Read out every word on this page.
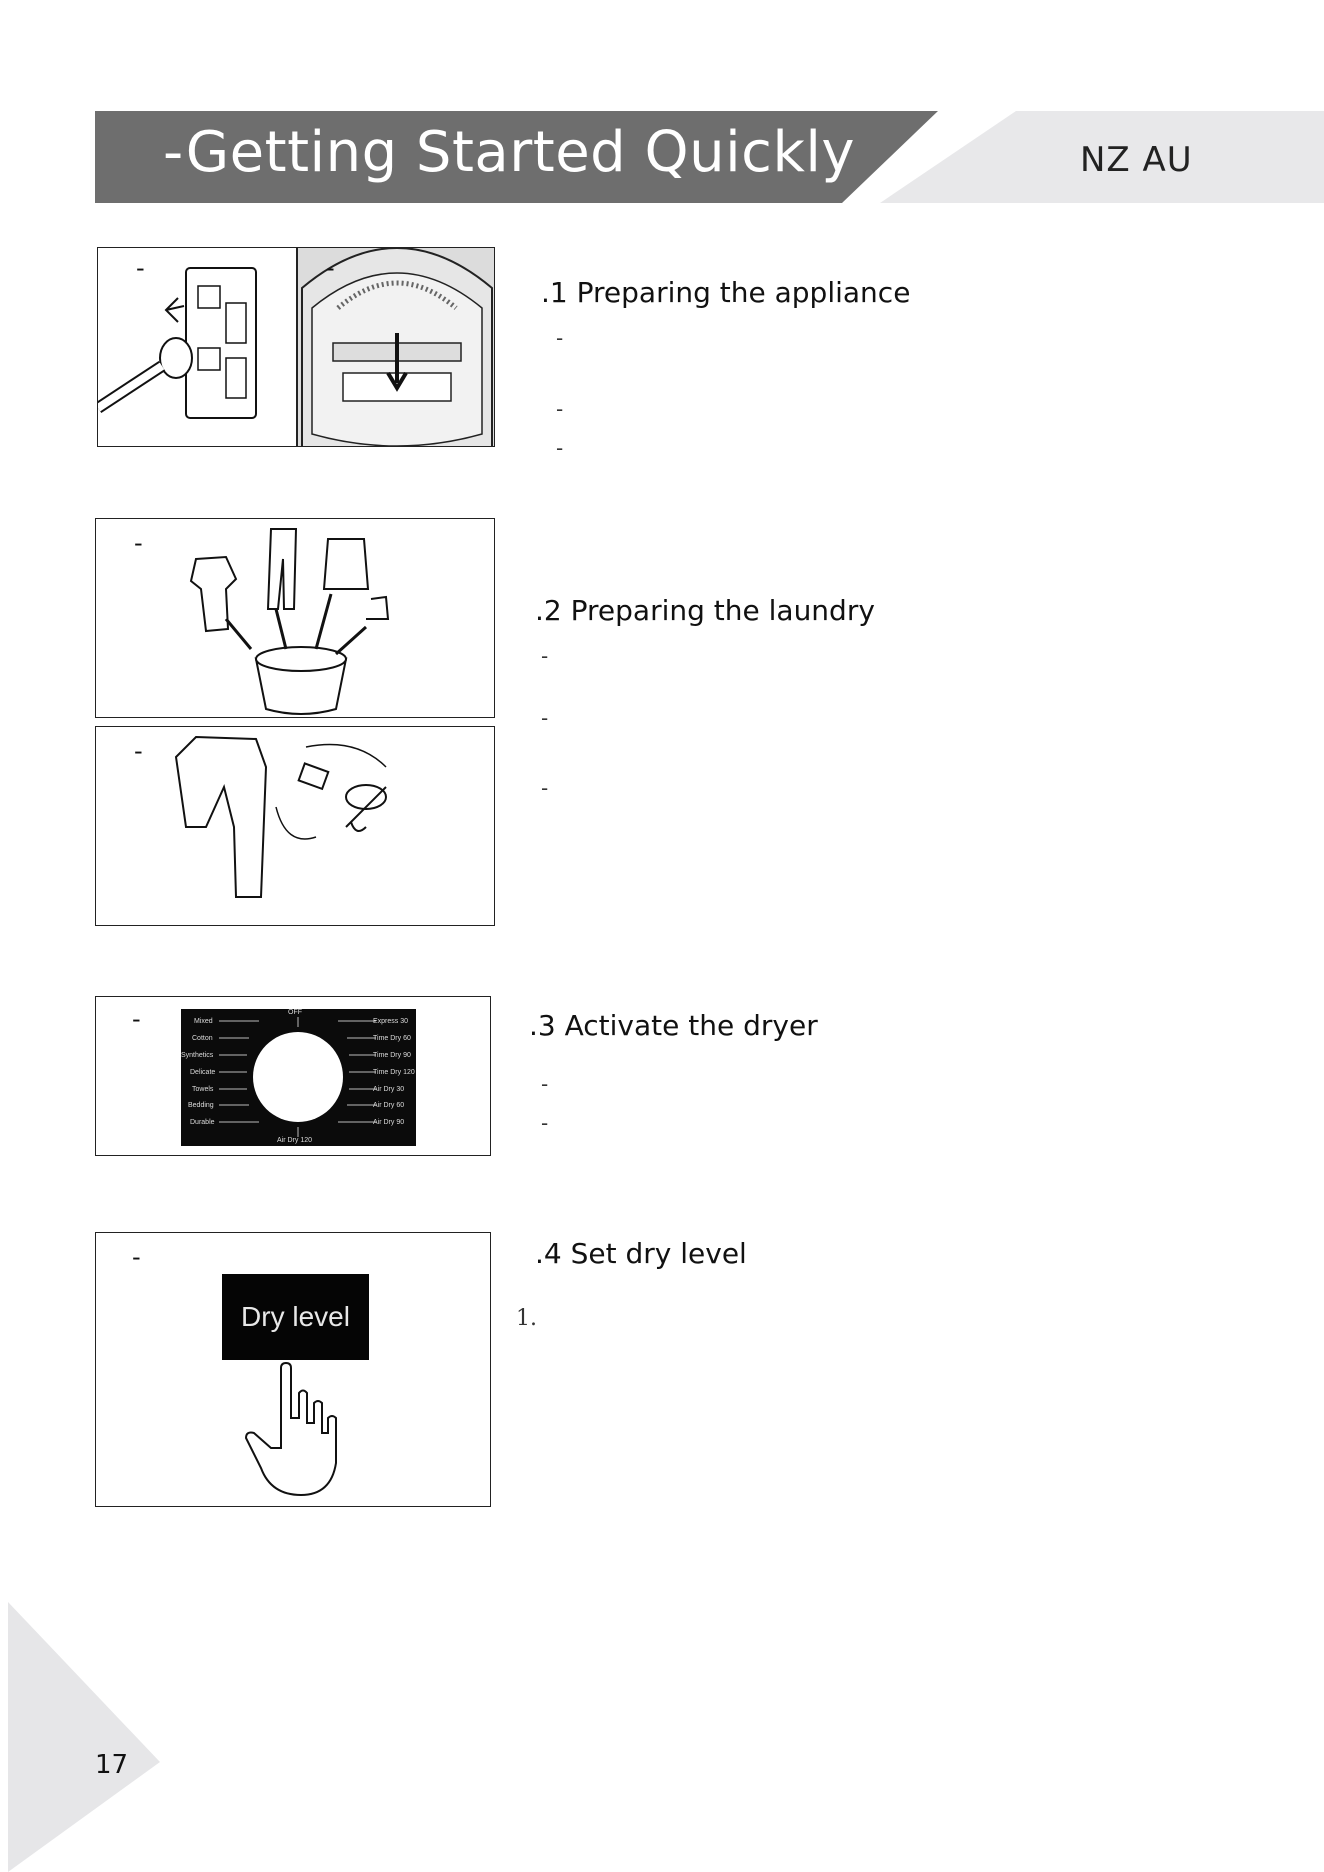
-Getting Started Quickly	NZ AU
-	-
.1 Preparing the appliance
-
-
-
-
-
.2 Preparing the laundry
-
-
-
-	OFF
Air Dry 120
Mixed
Cotton
Synthetics
Delicate
Towels
Bedding
Durable
Express 30
Time Dry 60
Time Dry 90
Time Dry 120
Air Dry 30
Air Dry 60
Air Dry 90
.3 Activate the dryer
-
-
-
Dry level
.4 Set dry level
1.
17
